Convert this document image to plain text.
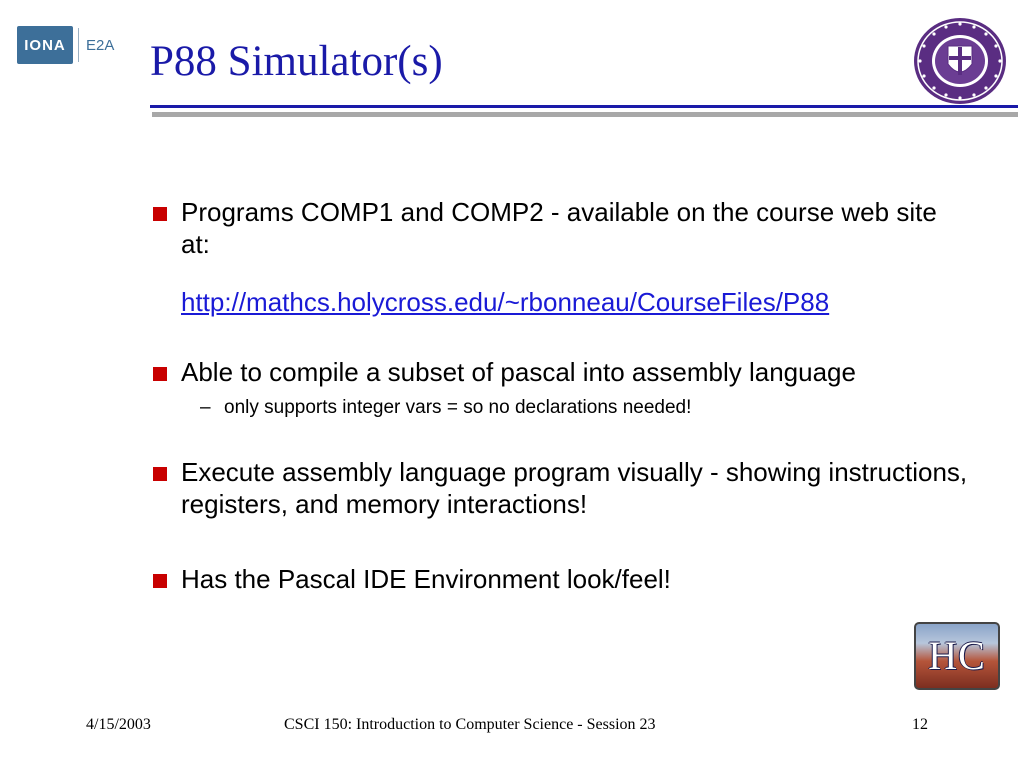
IONA E2A P88 Simulator(s)
Programs COMP1 and COMP2 - available on the course web site at:
http://mathcs.holycross.edu/~rbonneau/CourseFiles/P88
Able to compile a subset of pascal into assembly language
– only supports integer vars = so no declarations needed!
Execute assembly language program visually - showing instructions, registers, and memory interactions!
Has the Pascal IDE Environment look/feel!
HC
4/15/2003	CSCI 150: Introduction to Computer Science - Session 23	12
